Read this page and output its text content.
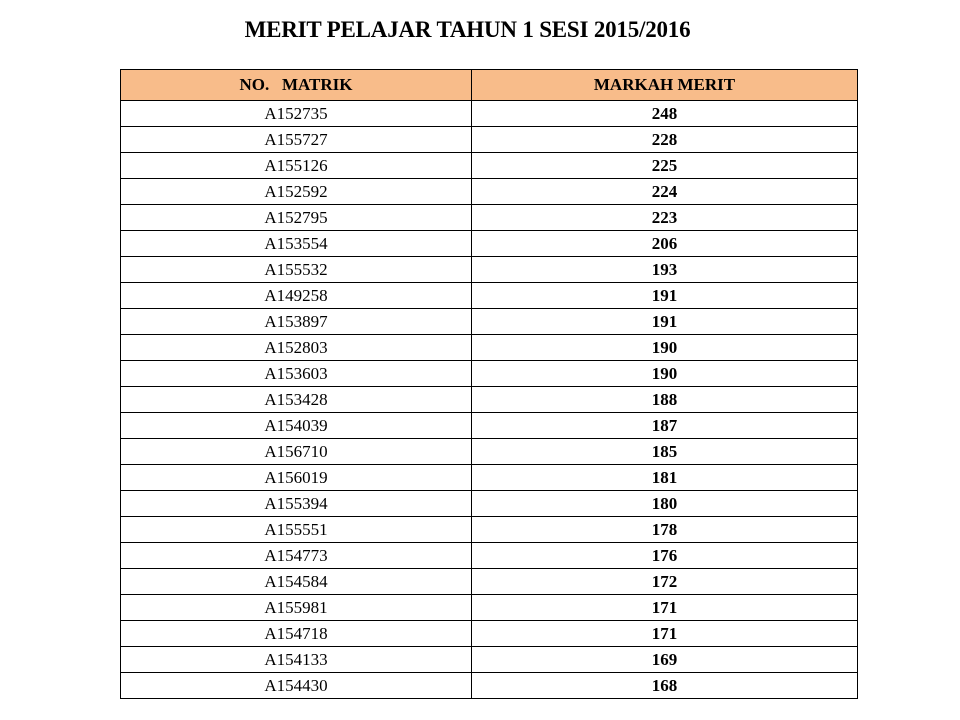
MERIT PELAJAR TAHUN 1 SESI 2015/2016
NO.   MATRIK	MARKAH MERIT
A152735	248
A155727	228
A155126	225
A152592	224
A152795	223
A153554	206
A155532	193
A149258	191
A153897	191
A152803	190
A153603	190
A153428	188
A154039	187
A156710	185
A156019	181
A155394	180
A155551	178
A154773	176
A154584	172
A155981	171
A154718	171
A154133	169
A154430	168
